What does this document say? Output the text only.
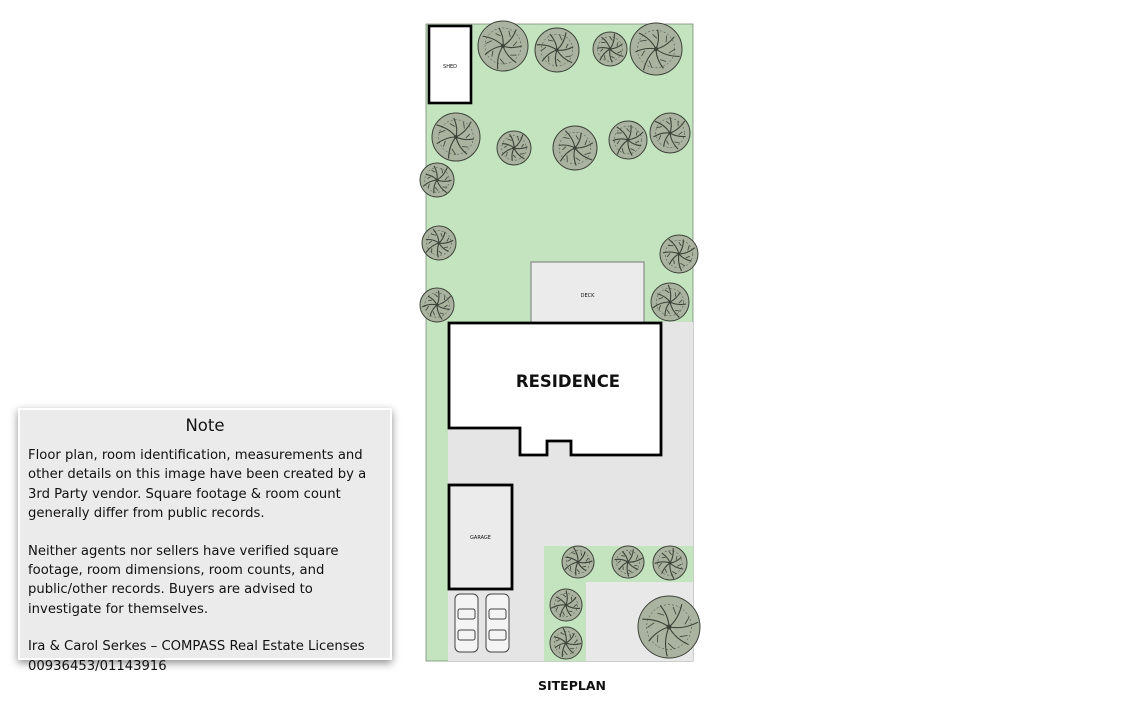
DECK
SHED
RESIDENCE
GARAGE
SITEPLAN
Note

Floor plan, room identification, measurements and other details on this image have been created by a 3rd Party vendor. Square footage & room count generally differ from public records.

Neither agents nor sellers have verified square footage, room dimensions, room counts, and public/other records. Buyers are advised to investigate for themselves.

Ira & Carol Serkes – COMPASS Real Estate Licenses 00936453/01143916
